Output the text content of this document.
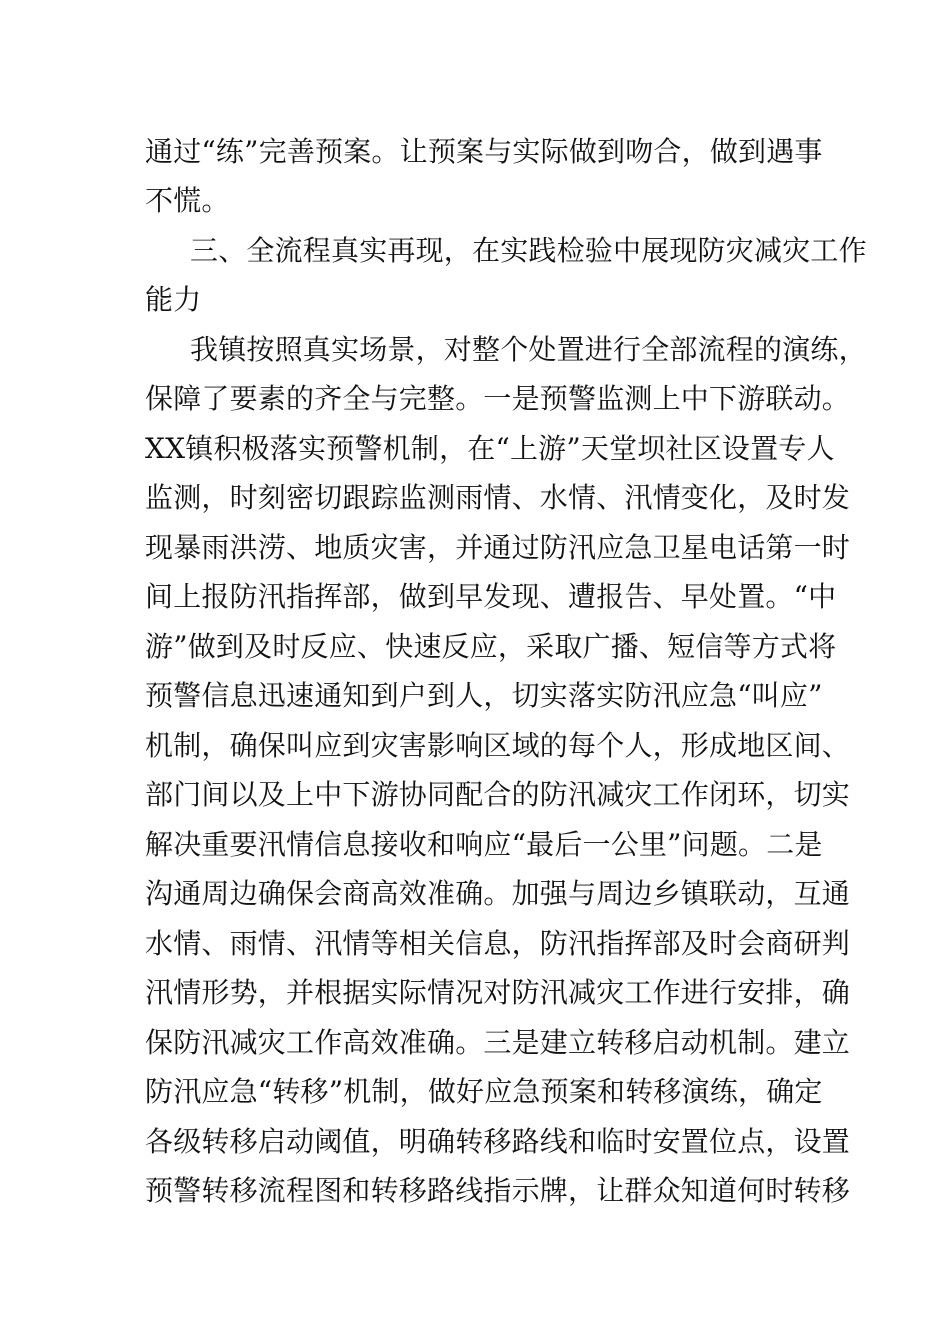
通过“练”完善预案。让预案与实际做到吻合，做到遇事
不慌。
三、全流程真实再现，在实践检验中展现防灾减灾工作
能力
我镇按照真实场景，对整个处置进行全部流程的演练，
保障了要素的齐全与完整。一是预警监测上中下游联动。
XX镇积极落实预警机制，在“上游”天堂坝社区设置专人
监测，时刻密切跟踪监测雨情、水情、汛情变化，及时发
现暴雨洪涝、地质灾害，并通过防汛应急卫星电话第一时
间上报防汛指挥部，做到早发现、遭报告、早处置。“中
游”做到及时反应、快速反应，采取广播、短信等方式将
预警信息迅速通知到户到人，切实落实防汛应急“叫应”
机制，确保叫应到灾害影响区域的每个人，形成地区间、
部门间以及上中下游协同配合的防汛减灾工作闭环，切实
解决重要汛情信息接收和响应“最后一公里”问题。二是
沟通周边确保会商高效准确。加强与周边乡镇联动，互通
水情、雨情、汛情等相关信息，防汛指挥部及时会商研判
汛情形势，并根据实际情况对防汛减灾工作进行安排，确
保防汛减灾工作高效准确。三是建立转移启动机制。建立
防汛应急“转移”机制，做好应急预案和转移演练，确定
各级转移启动阈值，明确转移路线和临时安置位点，设置
预警转移流程图和转移路线指示牌，让群众知道何时转移
